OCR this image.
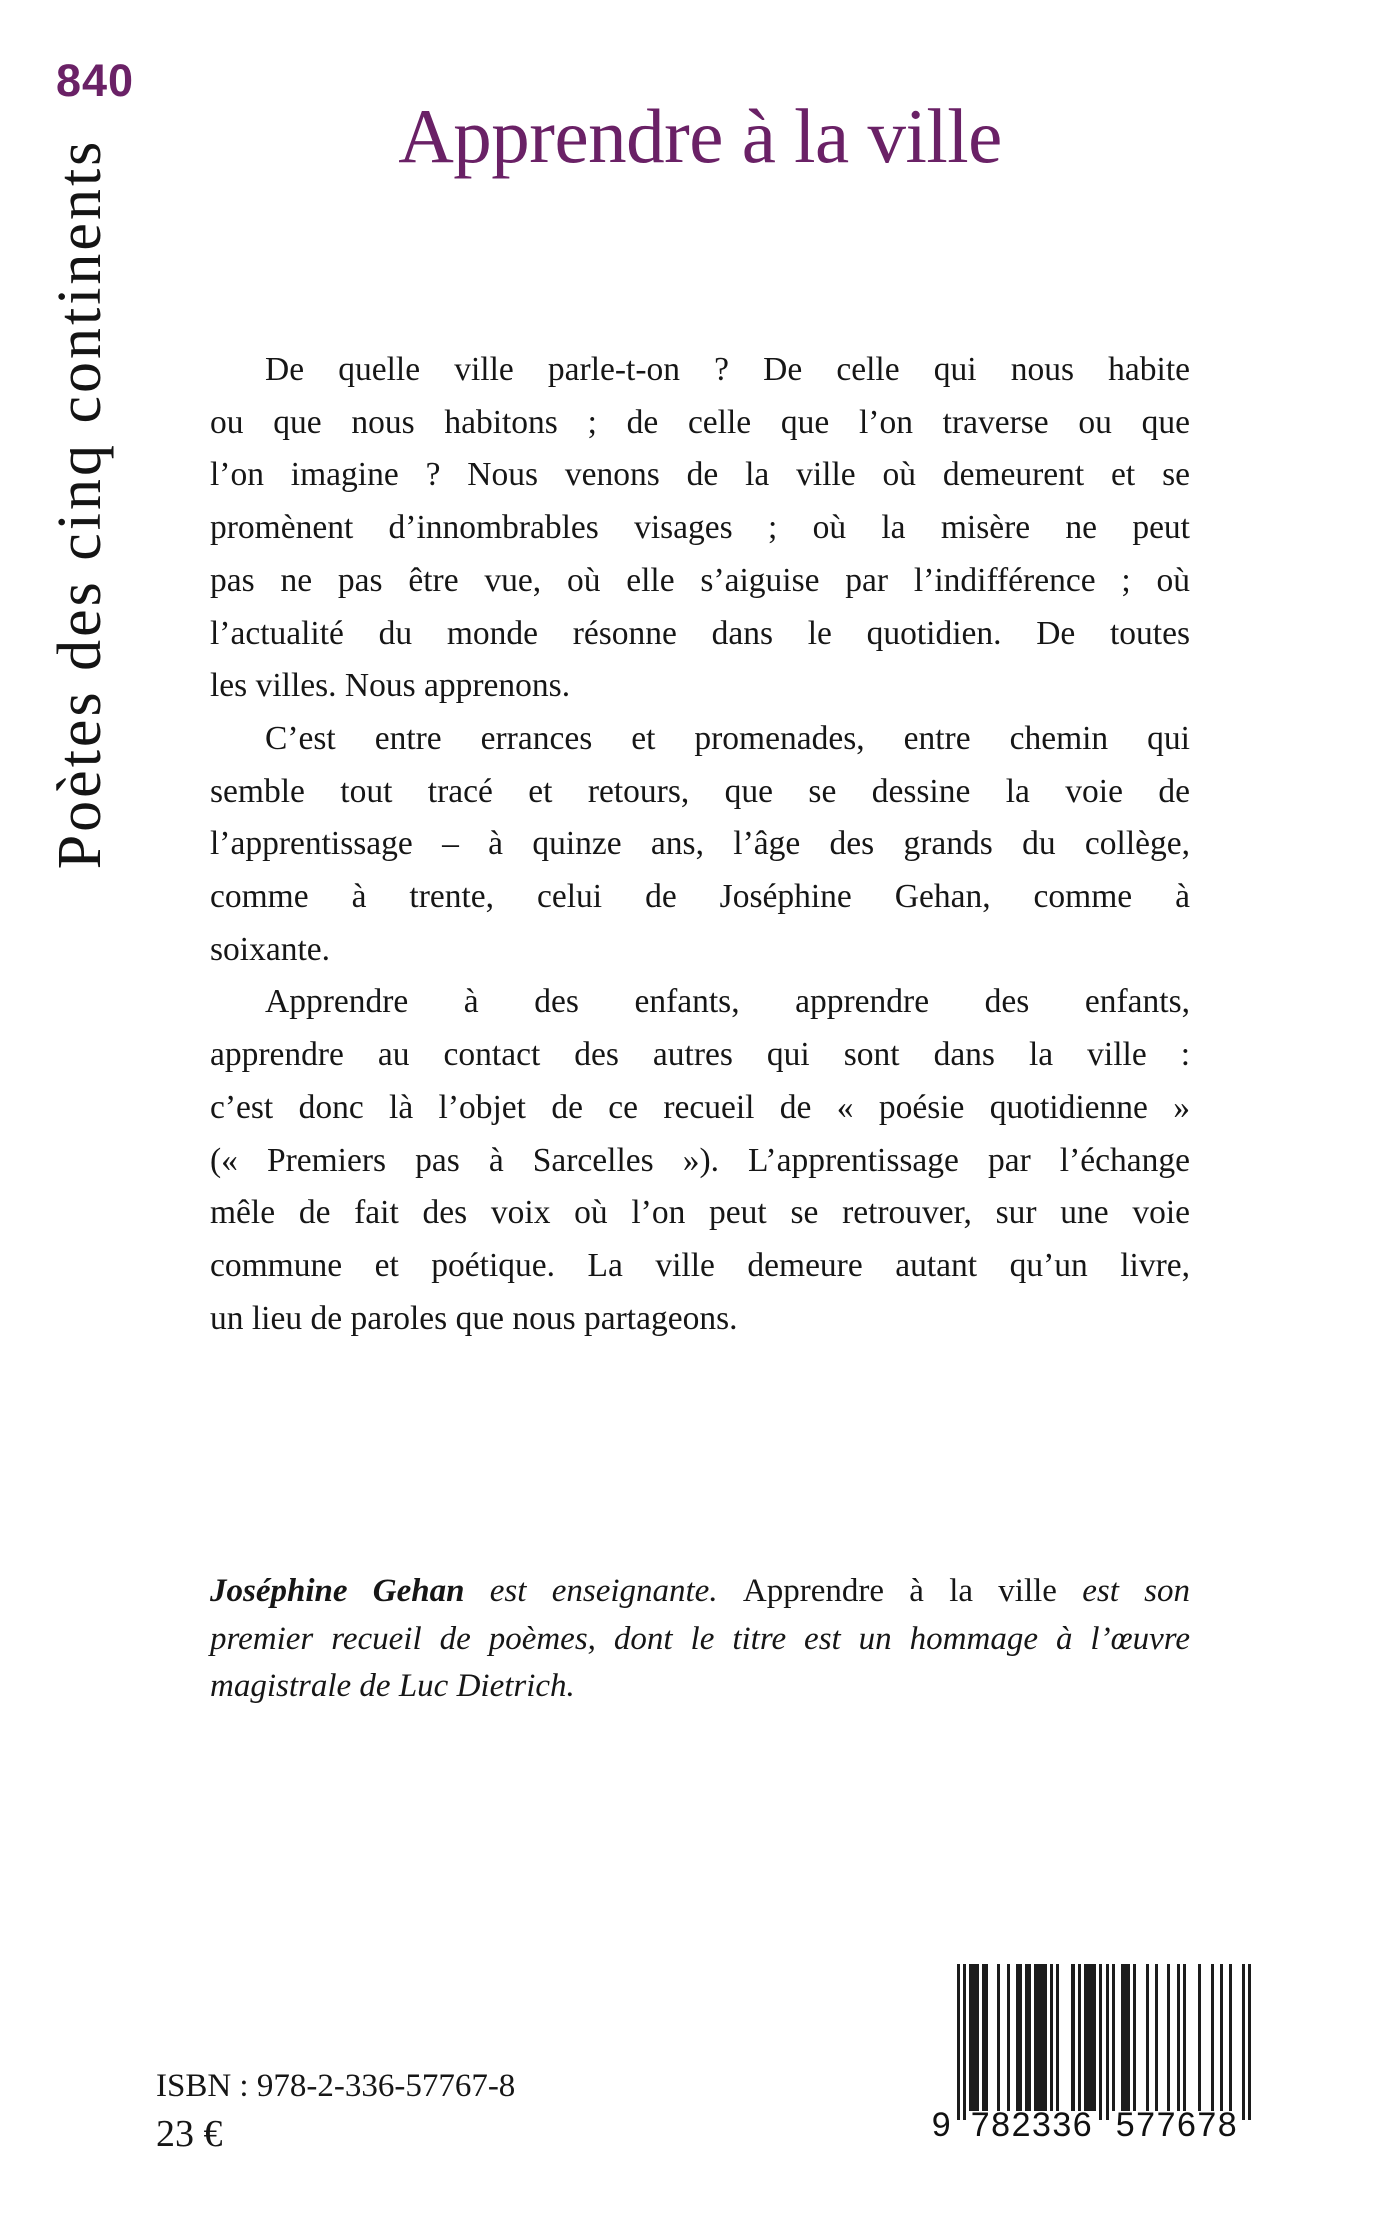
840
Poètes des cinq continents
Apprendre à la ville
De quelle ville parle-t-on ? De celle qui nous habite
ou que nous habitons ; de celle que l’on traverse ou que
l’on imagine ? Nous venons de la ville où demeurent et se
promènent d’innombrables visages ; où la misère ne peut
pas ne pas être vue, où elle s’aiguise par l’indifférence ; où
l’actualité du monde résonne dans le quotidien. De toutes
les villes. Nous apprenons.
C’est entre errances et promenades, entre chemin qui
semble tout tracé et retours, que se dessine la voie de
l’apprentissage – à quinze ans, l’âge des grands du collège,
comme à trente, celui de Joséphine Gehan, comme à
soixante.
Apprendre à des enfants, apprendre des enfants,
apprendre au contact des autres qui sont dans la ville :
c’est donc là l’objet de ce recueil de « poésie quotidienne »
(« Premiers pas à Sarcelles »). L’apprentissage par l’échange
mêle de fait des voix où l’on peut se retrouver, sur une voie
commune et poétique. La ville demeure autant qu’un livre,
un lieu de paroles que nous partageons.
Joséphine Gehan est enseignante. Apprendre à la ville est son
premier recueil de poèmes, dont le titre est un hommage à l’œuvre
magistrale de Luc Dietrich.
ISBN : 978-2-336-57767-8
23 €	9 782336 577678
